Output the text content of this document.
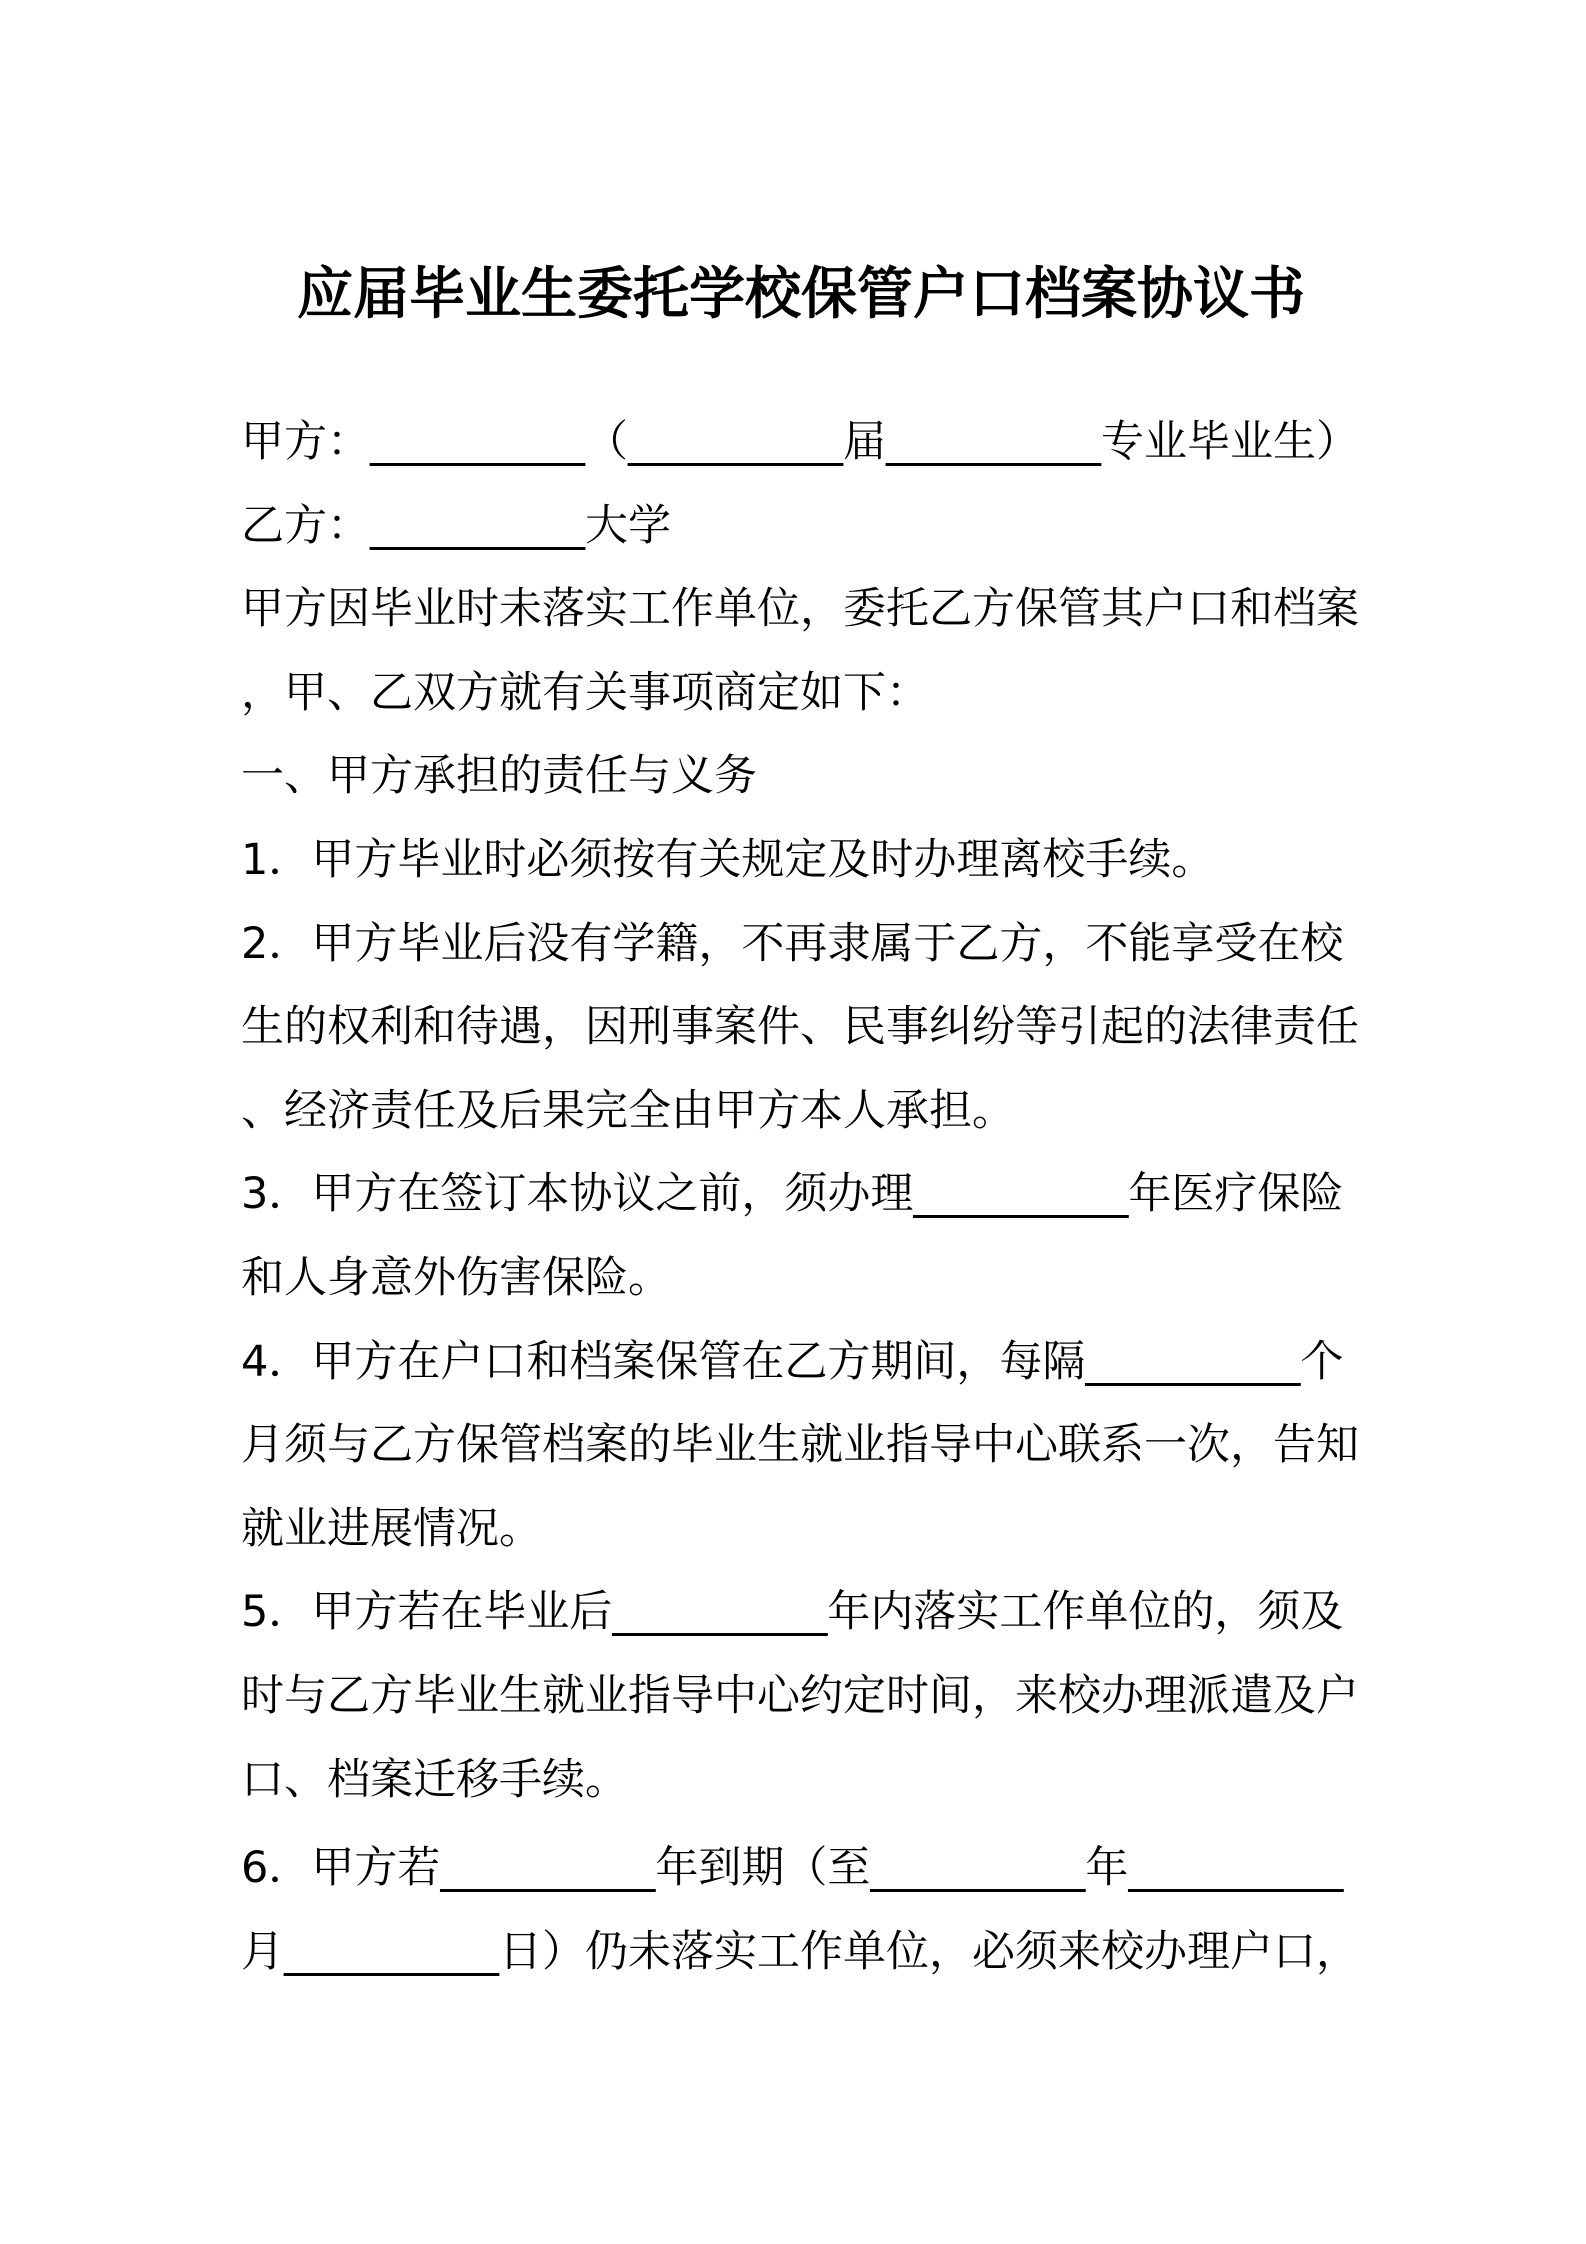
应届毕业生委托学校保管户口档案协议书
甲方：__________（__________届__________专业毕业生）
乙方：__________大学
甲方因毕业时未落实工作单位，委托乙方保管其户口和档案
，甲、乙双方就有关事项商定如下：
一、甲方承担的责任与义务
1．甲方毕业时必须按有关规定及时办理离校手续。
2．甲方毕业后没有学籍，不再隶属于乙方，不能享受在校
生的权利和待遇，因刑事案件、民事纠纷等引起的法律责任
、经济责任及后果完全由甲方本人承担。
3．甲方在签订本协议之前，须办理__________年医疗保险
和人身意外伤害保险。
4．甲方在户口和档案保管在乙方期间，每隔__________个
月须与乙方保管档案的毕业生就业指导中心联系一次，告知
就业进展情况。
5．甲方若在毕业后__________年内落实工作单位的，须及
时与乙方毕业生就业指导中心约定时间，来校办理派遣及户
口、档案迁移手续。
6．甲方若__________年到期（至__________年__________
月__________日）仍未落实工作单位，必须来校办理户口，
